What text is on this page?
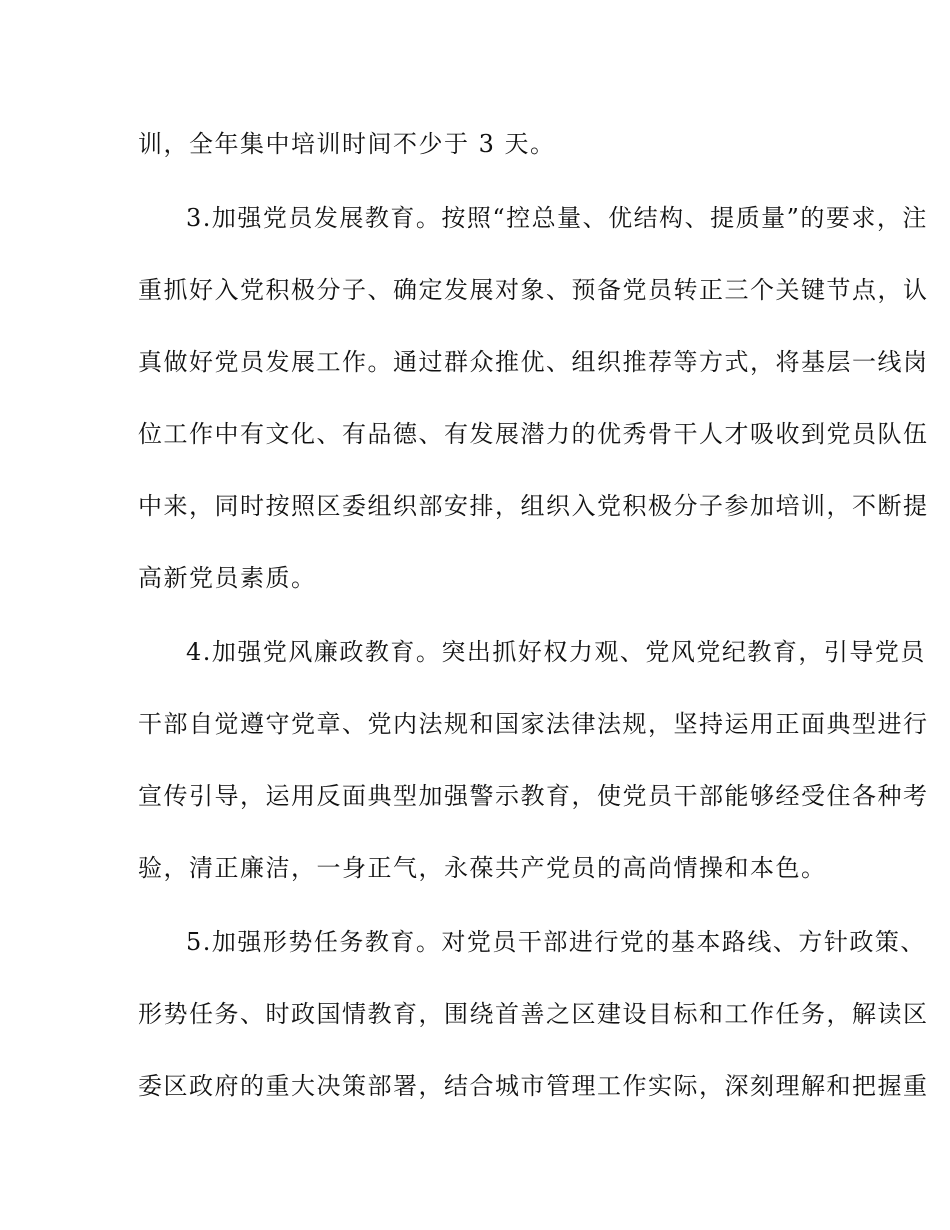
训，全年集中培训时间不少于 3 天。
3.加强党员发展教育。按照“控总量、优结构、提质量”的要求，注
重抓好入党积极分子、确定发展对象、预备党员转正三个关键节点，认
真做好党员发展工作。通过群众推优、组织推荐等方式，将基层一线岗
位工作中有文化、有品德、有发展潜力的优秀骨干人才吸收到党员队伍
中来，同时按照区委组织部安排，组织入党积极分子参加培训，不断提
高新党员素质。
4.加强党风廉政教育。突出抓好权力观、党风党纪教育，引导党员
干部自觉遵守党章、党内法规和国家法律法规，坚持运用正面典型进行
宣传引导，运用反面典型加强警示教育，使党员干部能够经受住各种考
验，清正廉洁，一身正气，永葆共产党员的高尚情操和本色。
5.加强形势任务教育。对党员干部进行党的基本路线、方针政策、
形势任务、时政国情教育，围绕首善之区建设目标和工作任务，解读区
委区政府的重大决策部署，结合城市管理工作实际，深刻理解和把握重
